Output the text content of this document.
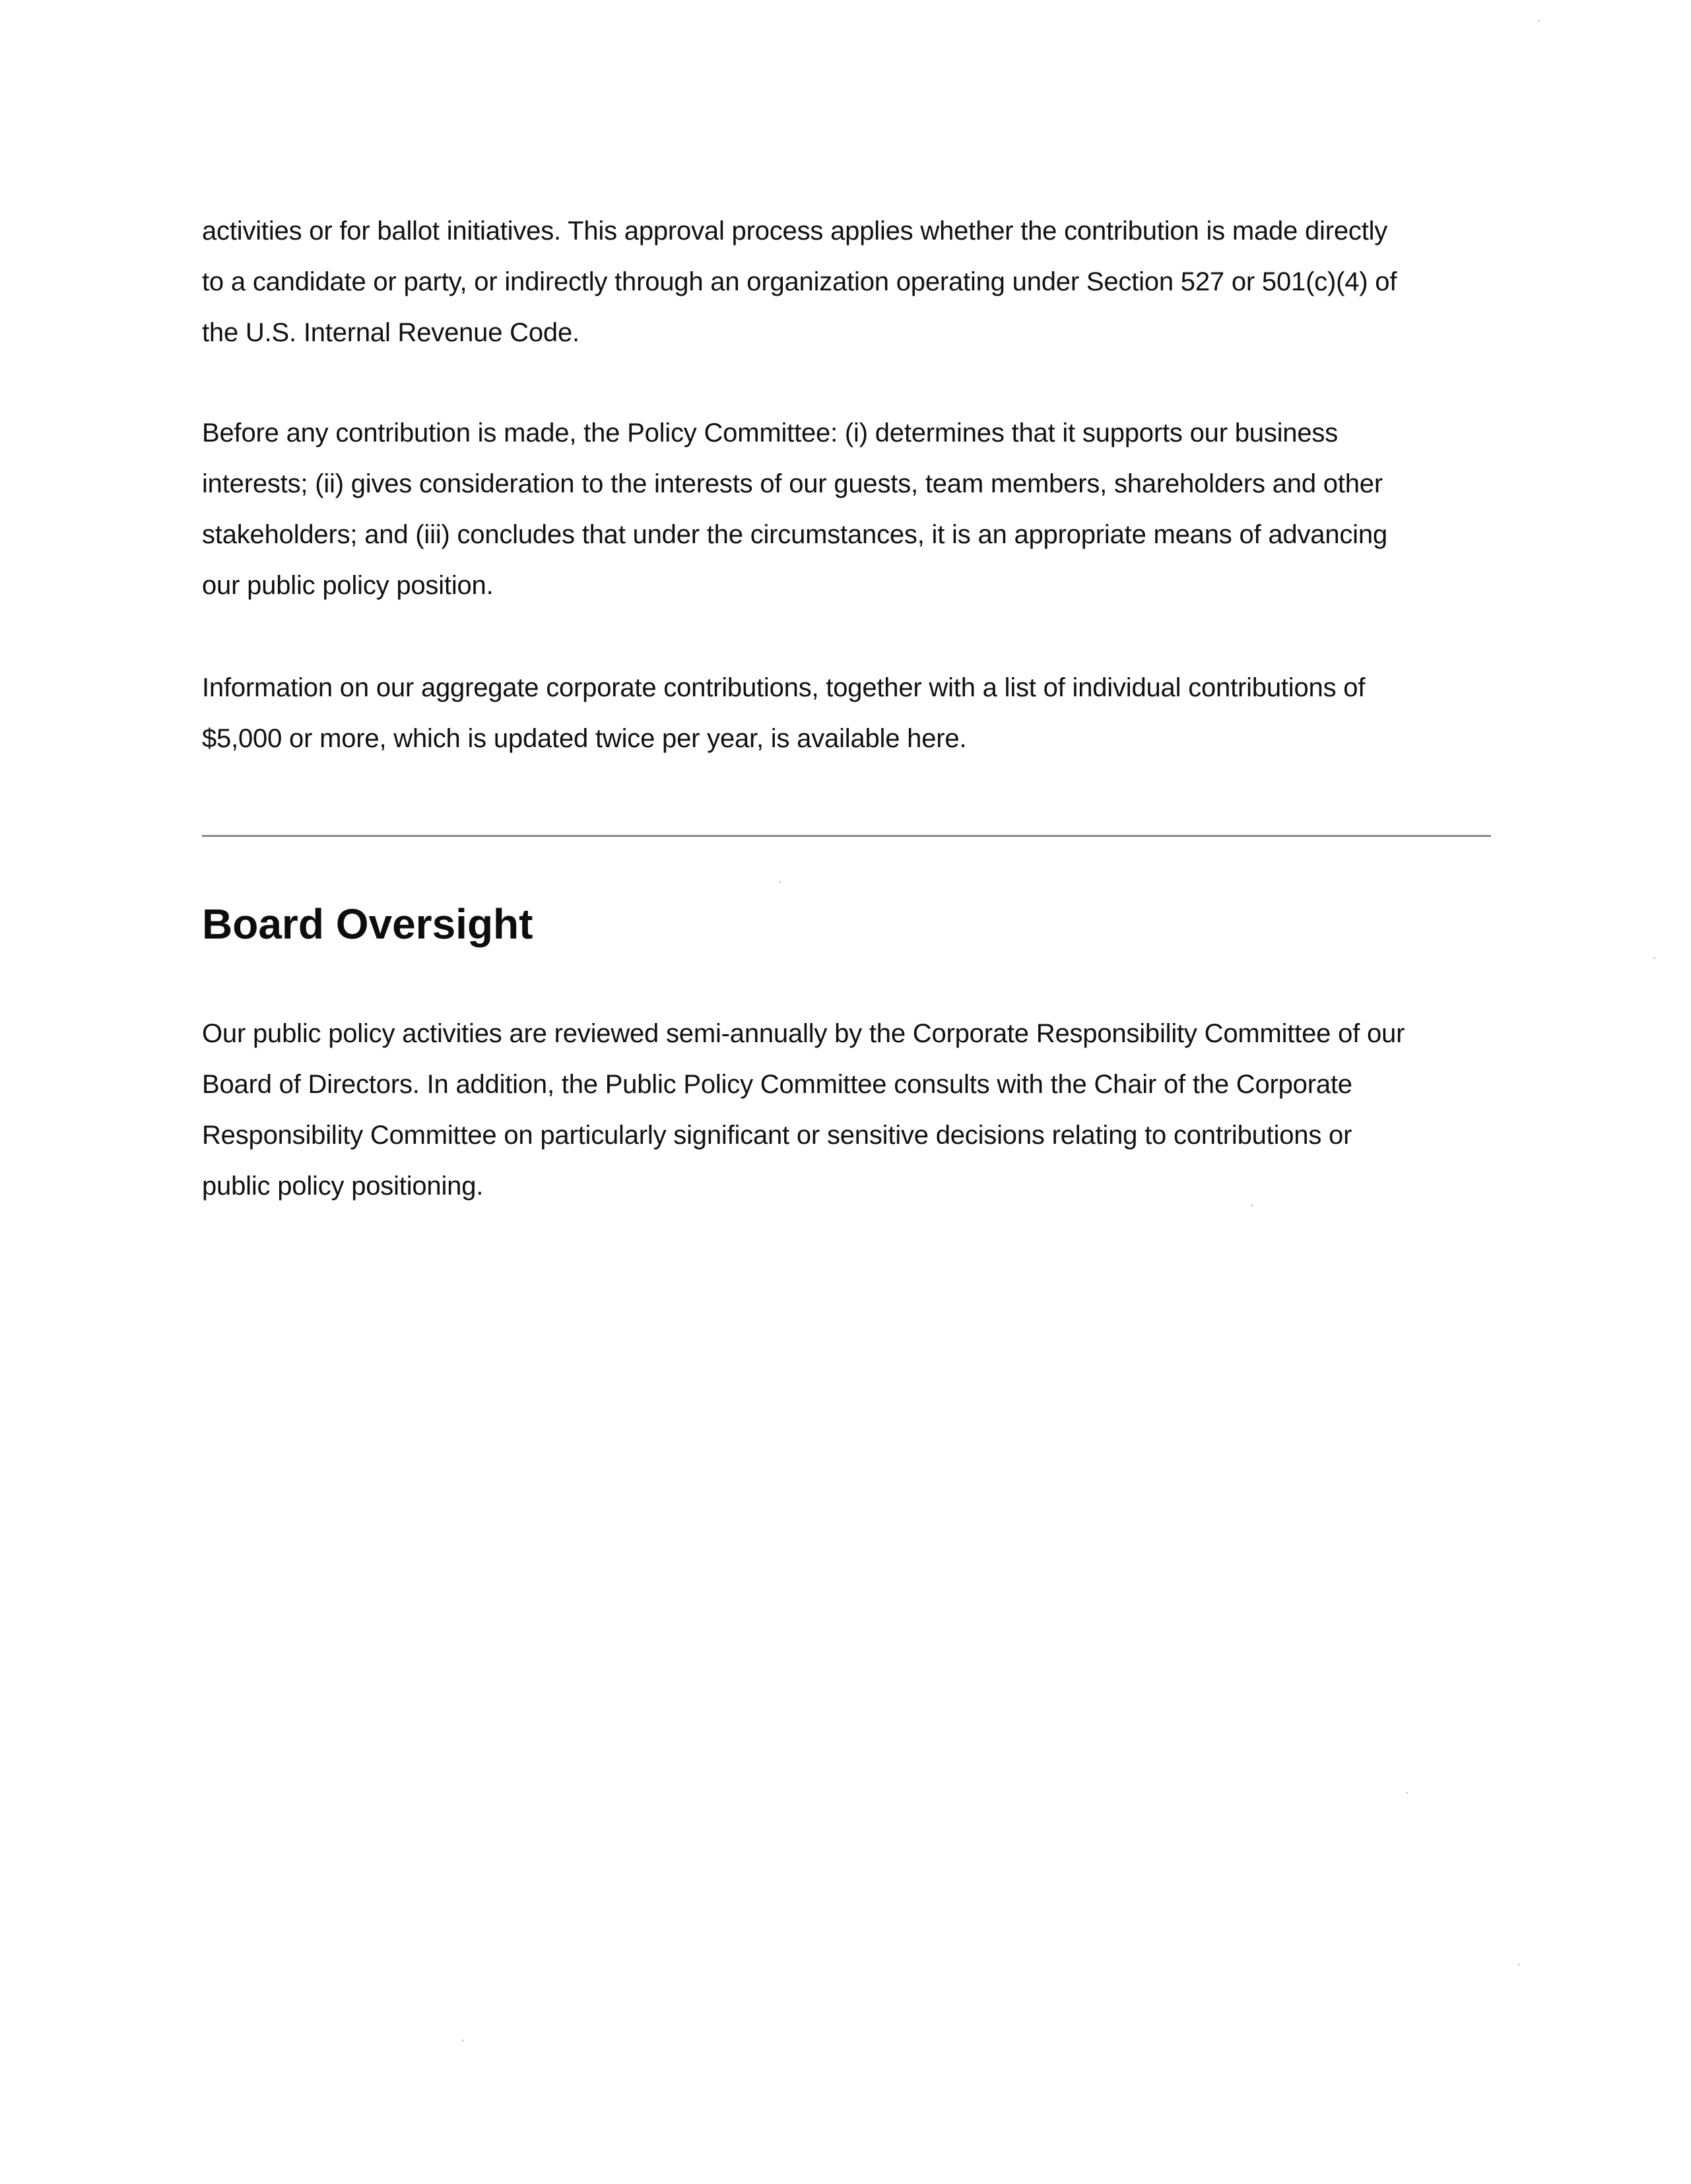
activities or for ballot initiatives. This approval process applies whether the contribution is made directly
to a candidate or party, or indirectly through an organization operating under Section 527 or 501(c)(4) of
the U.S. Internal Revenue Code.

Before any contribution is made, the Policy Committee: (i) determines that it supports our business
interests; (ii) gives consideration to the interests of our guests, team members, shareholders and other
stakeholders; and (iii) concludes that under the circumstances, it is an appropriate means of advancing
our public policy position.

Information on our aggregate corporate contributions, together with a list of individual contributions of
$5,000 or more, which is updated twice per year, is available here.

Board Oversight

Our public policy activities are reviewed semi-annually by the Corporate Responsibility Committee of our
Board of Directors. In addition, the Public Policy Committee consults with the Chair of the Corporate
Responsibility Committee on particularly significant or sensitive decisions relating to contributions or
public policy positioning.
